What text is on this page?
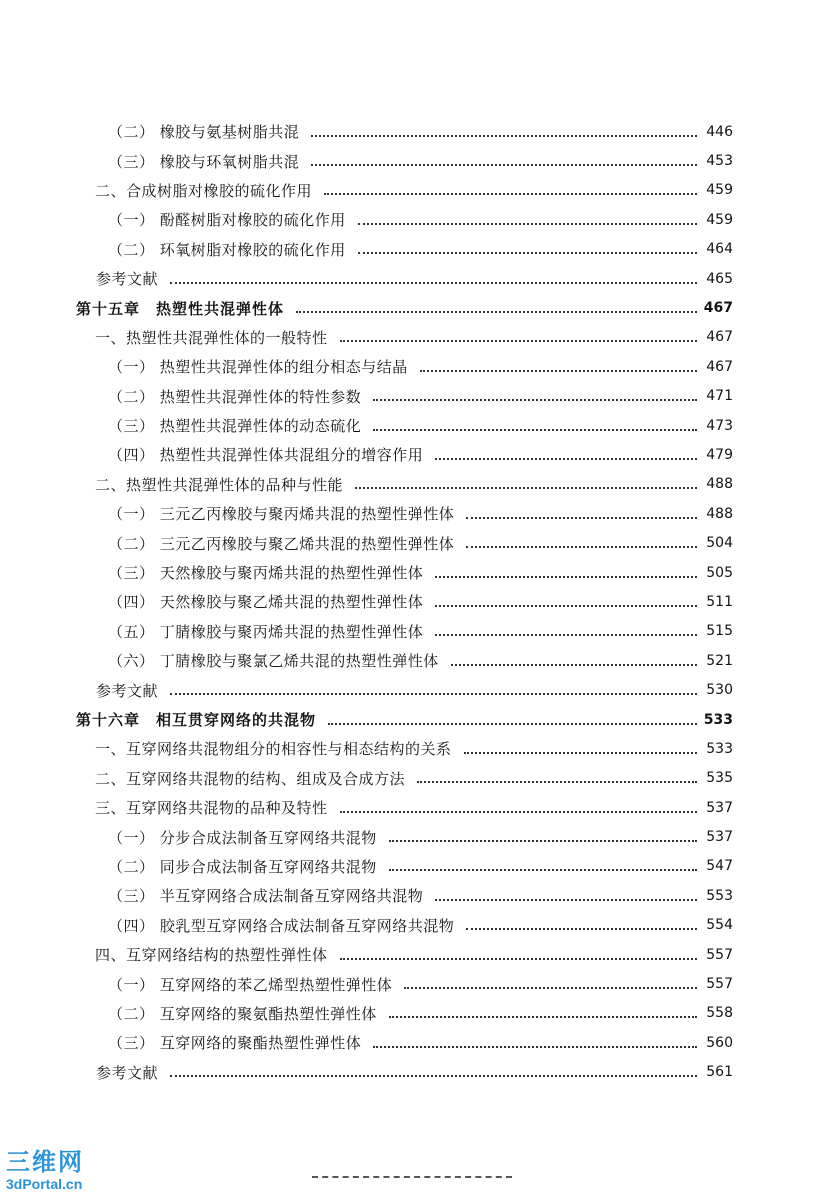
（二） 橡胶与氨基树脂共混	446
（三） 橡胶与环氧树脂共混	453
二、合成树脂对橡胶的硫化作用	459
（一） 酚醛树脂对橡胶的硫化作用	459
（二） 环氧树脂对橡胶的硫化作用	464
参考文献	465
第十五章　热塑性共混弹性体	467
一、热塑性共混弹性体的一般特性	467
（一） 热塑性共混弹性体的组分相态与结晶	467
（二） 热塑性共混弹性体的特性参数	471
（三） 热塑性共混弹性体的动态硫化	473
（四） 热塑性共混弹性体共混组分的增容作用	479
二、热塑性共混弹性体的品种与性能	488
（一） 三元乙丙橡胶与聚丙烯共混的热塑性弹性体	488
（二） 三元乙丙橡胶与聚乙烯共混的热塑性弹性体	504
（三） 天然橡胶与聚丙烯共混的热塑性弹性体	505
（四） 天然橡胶与聚乙烯共混的热塑性弹性体	511
（五） 丁腈橡胶与聚丙烯共混的热塑性弹性体	515
（六） 丁腈橡胶与聚氯乙烯共混的热塑性弹性体	521
参考文献	530
第十六章　相互贯穿网络的共混物	533
一、互穿网络共混物组分的相容性与相态结构的关系	533
二、互穿网络共混物的结构、组成及合成方法	535
三、互穿网络共混物的品种及特性	537
（一） 分步合成法制备互穿网络共混物	537
（二） 同步合成法制备互穿网络共混物	547
（三） 半互穿网络合成法制备互穿网络共混物	553
（四） 胶乳型互穿网络合成法制备互穿网络共混物	554
四、互穿网络结构的热塑性弹性体	557
（一） 互穿网络的苯乙烯型热塑性弹性体	557
（二） 互穿网络的聚氨酯热塑性弹性体	558
（三） 互穿网络的聚酯热塑性弹性体	560
参考文献	561
三维网
3dPortal.cn
